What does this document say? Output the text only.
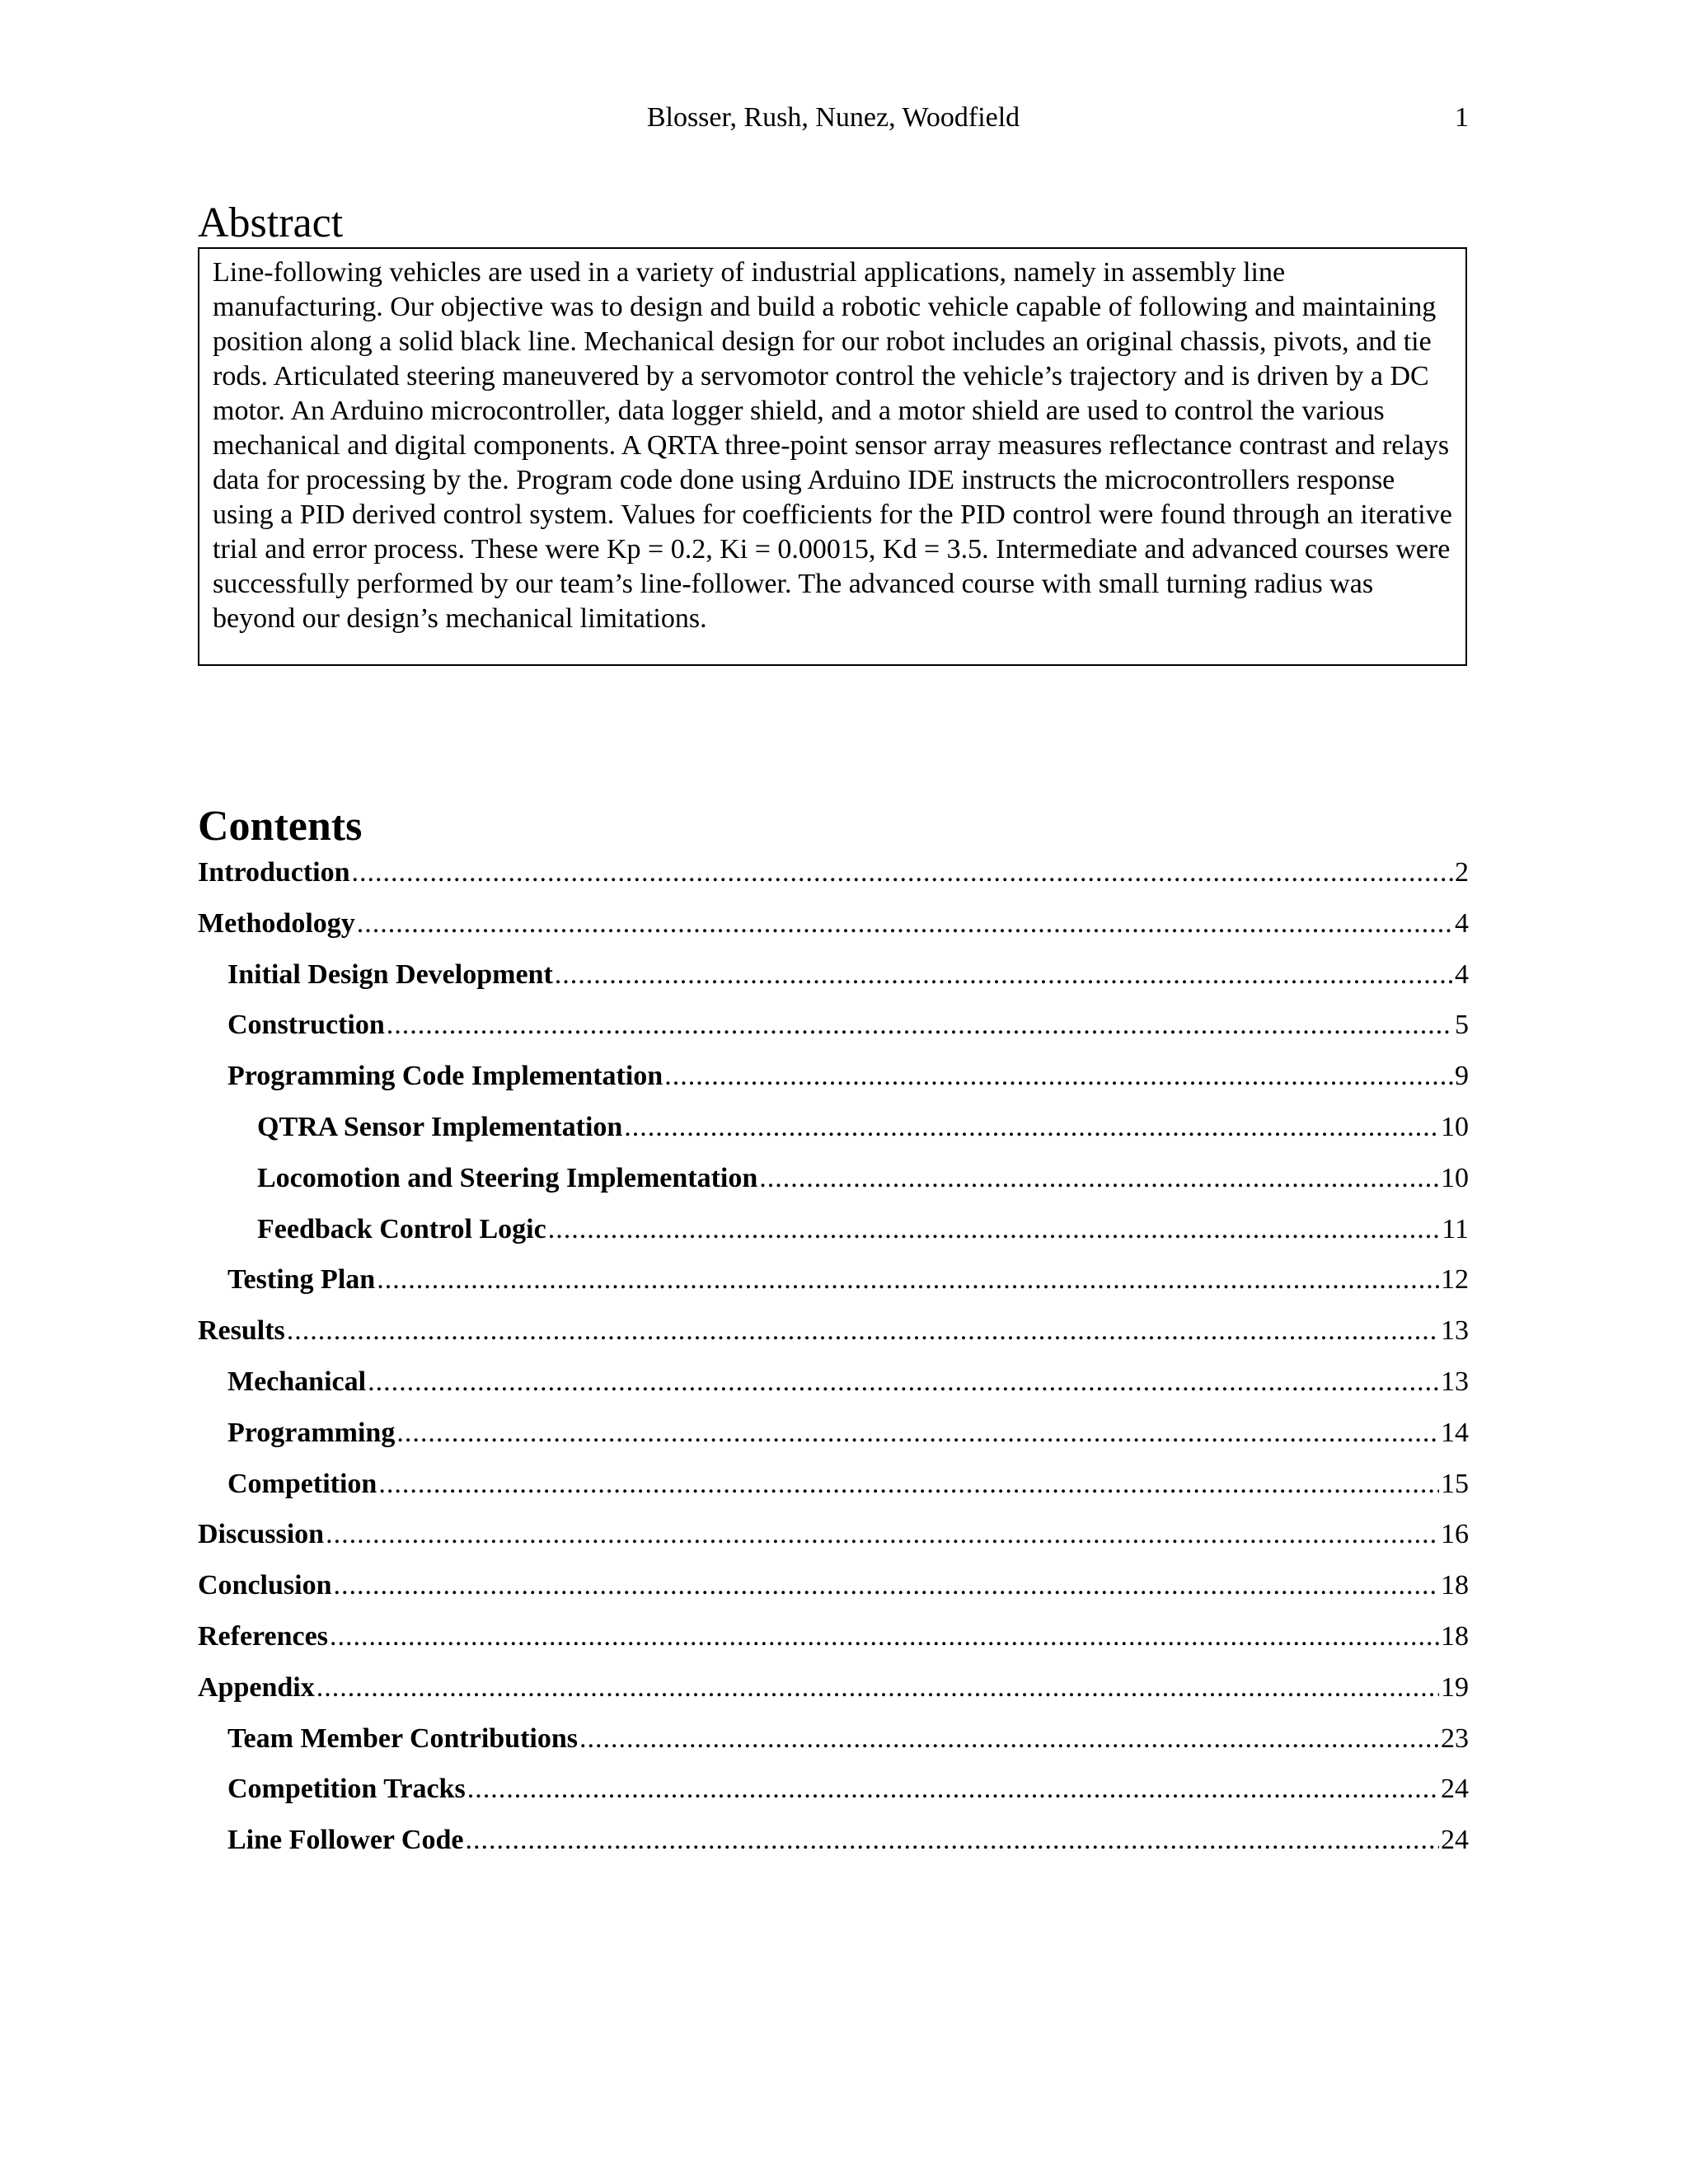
Blosser, Rush, Nunez, Woodfield	1
Abstract

Line-following vehicles are used in a variety of industrial applications, namely in assembly line manufacturing. Our objective was to design and build a robotic vehicle capable of following and maintaining position along a solid black line. Mechanical design for our robot includes an original chassis, pivots, and tie rods. Articulated steering maneuvered by a servomotor control the vehicle’s trajectory and is driven by a DC motor. An Arduino microcontroller, data logger shield, and a motor shield are used to control the various mechanical and digital components. A QRTA three-point sensor array measures reflectance contrast and relays data for processing by the. Program code done using Arduino IDE instructs the microcontrollers response using a PID derived control system. Values for coefficients for the PID control were found through an iterative trial and error process. These were Kp = 0.2, Ki = 0.00015, Kd = 3.5. Intermediate and advanced courses were successfully performed by our team’s line-follower. The advanced course with small turning radius was beyond our design’s mechanical limitations.

Contents
Introduction .....	2
Methodology .....	4
Initial Design Development .....	4
Construction .....	5
Programming Code Implementation .....	9
QTRA Sensor Implementation .....	10
Locomotion and Steering Implementation .....	10
Feedback Control Logic .....	11
Testing Plan .....	12
Results .....	13
Mechanical .....	13
Programming .....	14
Competition .....	15
Discussion .....	16
Conclusion .....	18
References .....	18
Appendix .....	19
Team Member Contributions .....	23
Competition Tracks .....	24
Line Follower Code .....	24
